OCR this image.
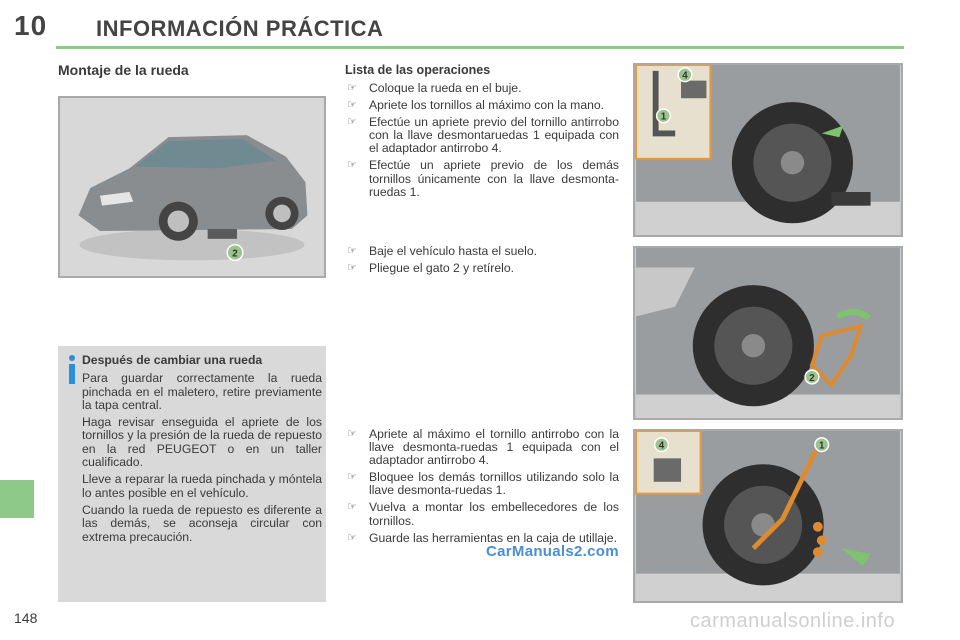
10 INFORMACIÓN PRÁCTICA
Montaje de la rueda
2
Después de cambiar una rueda

Para guardar correctamente la rueda pinchada en el maletero, retire previamente la tapa central.

Haga revisar enseguida el apriete de los tornillos y la presión de la rueda de repuesto en la red PEUGEOT o en un taller cualificado.

Lleve a reparar la rueda pinchada y móntela lo antes posible en el vehículo.

Cuando la rueda de repuesto es diferente a las demás, se aconseja circular con extrema precaución.

Lista de las operaciones
☞ Coloque la rueda en el buje.
☞ Apriete los tornillos al máximo con la mano.
☞ Efectúe un apriete previo del tornillo antirrobo con la llave desmontaruedas 1 equipada con el adaptador antirrobo 4.
☞ Efectúe un apriete previo de los demás tornillos únicamente con la llave desmonta-ruedas 1.
☞ Baje el vehículo hasta el suelo.
☞ Pliegue el gato 2 y retírelo.
☞ Apriete al máximo el tornillo antirrobo con la llave desmonta-ruedas 1 equipada con el adaptador antirrobo 4.
☞ Bloquee los demás tornillos utilizando solo la llave desmonta-ruedas 1.
☞ Vuelva a montar los embellecedores de los tornillos.
☞ Guarde las herramientas en la caja de utillaje.
4
1
2
4	1
148
CarManuals2.com
carmanualsonline.info
